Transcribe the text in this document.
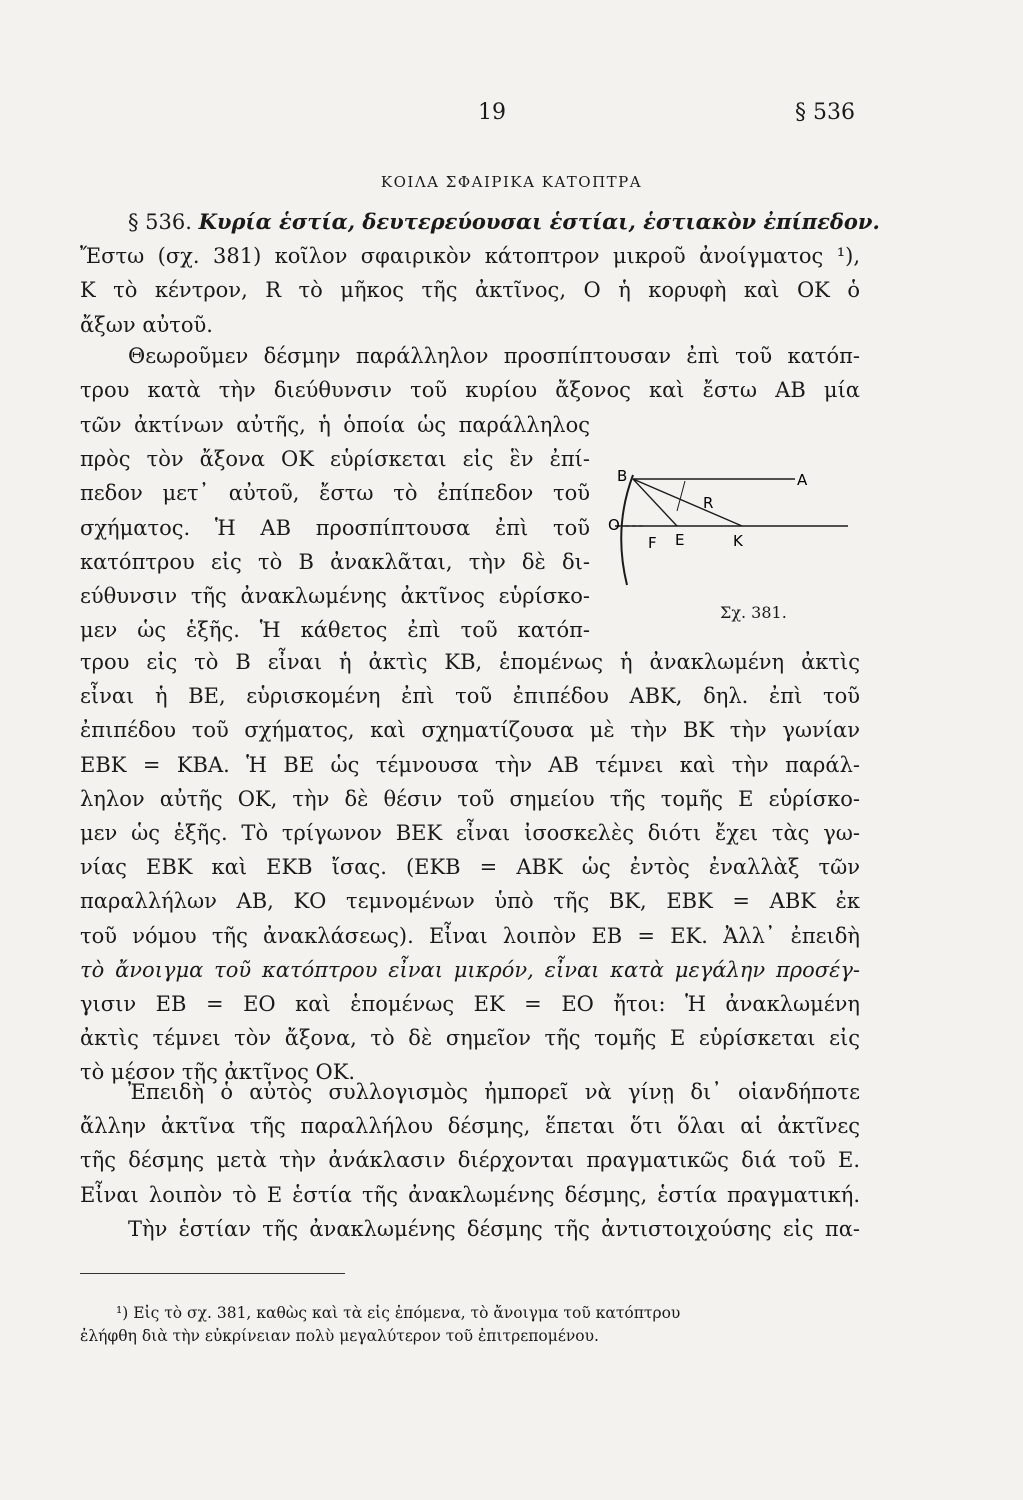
19	§ 536
ΚΟΙΛΑ ΣΦΑΙΡΙΚΑ ΚΑΤΟΠΤΡΑ
§ 536. Κυρία ἑστία, δευτερεύουσαι ἑστίαι, ἑστιακὸν ἐπίπεδον.
Ἔστω (σχ. 381) κοῖλον σφαιρικὸν κάτοπτρον μικροῦ ἀνοίγματος ¹),
Κ τὸ κέντρον, R τὸ μῆκος τῆς ἀκτῖνος, Ο ἡ κορυφὴ καὶ ΟΚ ὁ
ἄξων αὐτοῦ.
Θεωροῦμεν δέσμην παράλληλον προσπίπτουσαν ἐπὶ τοῦ κατόπ-
τρου κατὰ τὴν διεύθυνσιν τοῦ κυρίου ἄξονος καὶ ἔστω ΑΒ μία
τῶν ἀκτίνων αὐτῆς, ἡ ὁποία ὡς παράλληλος
πρὸς τὸν ἄξονα ΟΚ εὑρίσκεται εἰς ἓν ἐπί-
πεδον μετ᾽ αὐτοῦ, ἔστω τὸ ἐπίπεδον τοῦ
σχήματος. Ἡ ΑΒ προσπίπτουσα ἐπὶ τοῦ
κατόπτρου εἰς τὸ Β ἀνακλᾶται, τὴν δὲ δι-
εύθυνσιν τῆς ἀνακλωμένης ἀκτῖνος εὑρίσκο-
μεν ὡς ἑξῆς. Ἡ κάθετος ἐπὶ τοῦ κατόπ-
B	A
R
O
F E	K
Σχ. 381.
τρου εἰς τὸ Β εἶναι ἡ ἀκτὶς ΚΒ, ἑπομένως ἡ ἀνακλωμένη ἀκτὶς
εἶναι ἡ ΒΕ, εὑρισκομένη ἐπὶ τοῦ ἐπιπέδου ΑΒΚ, δηλ. ἐπὶ τοῦ
ἐπιπέδου τοῦ σχήματος, καὶ σχηματίζουσα μὲ τὴν ΒΚ τὴν γωνίαν
ΕΒΚ = ΚΒΑ. Ἡ ΒΕ ὡς τέμνουσα τὴν ΑΒ τέμνει καὶ τὴν παράλ-
ληλον αὐτῆς ΟΚ, τὴν δὲ θέσιν τοῦ σημείου τῆς τομῆς Ε εὑρίσκο-
μεν ὡς ἑξῆς. Τὸ τρίγωνον ΒΕΚ εἶναι ἰσοσκελὲς διότι ἔχει τὰς γω-
νίας ΕΒΚ καὶ ΕΚΒ ἴσας. (ΕΚΒ = ΑΒΚ ὡς ἐντὸς ἐναλλὰξ τῶν
παραλλήλων ΑΒ, ΚΟ τεμνομένων ὑπὸ τῆς ΒΚ, ΕΒΚ = ΑΒΚ ἐκ
τοῦ νόμου τῆς ἀνακλάσεως). Εἶναι λοιπὸν ΕΒ = ΕΚ. Ἀλλ᾽ ἐπειδὴ
τὸ ἄνοιγμα τοῦ κατόπτρου εἶναι μικρόν, εἶναι κατὰ μεγάλην προσέγ-
γισιν ΕΒ = ΕΟ καὶ ἑπομένως ΕΚ = ΕΟ ἤτοι: Ἡ ἀνακλωμένη
ἀκτὶς τέμνει τὸν ἄξονα, τὸ δὲ σημεῖον τῆς τομῆς Ε εὑρίσκεται εἰς
τὸ μέσον τῆς ἀκτῖνος ΟΚ.
Ἐπειδὴ ὁ αὐτὸς συλλογισμὸς ἠμπορεῖ νὰ γίνῃ δι᾽ οἱανδήποτε
ἄλλην ἀκτῖνα τῆς παραλλήλου δέσμης, ἕπεται ὅτι ὅλαι αἱ ἀκτῖνες
τῆς δέσμης μετὰ τὴν ἀνάκλασιν διέρχονται πραγματικῶς διά τοῦ Ε.
Εἶναι λοιπὸν τὸ Ε ἑστία τῆς ἀνακλωμένης δέσμης, ἑστία πραγματική.
Τὴν ἑστίαν τῆς ἀνακλωμένης δέσμης τῆς ἀντιστοιχούσης εἰς πα-
¹) Εἰς τὸ σχ. 381, καθὼς καὶ τὰ εἰς ἑπόμενα, τὸ ἄνοιγμα τοῦ κατόπτρου
ἐλήφθη διὰ τὴν εὐκρίνειαν πολὺ μεγαλύτερον τοῦ ἐπιτρεπομένου.
